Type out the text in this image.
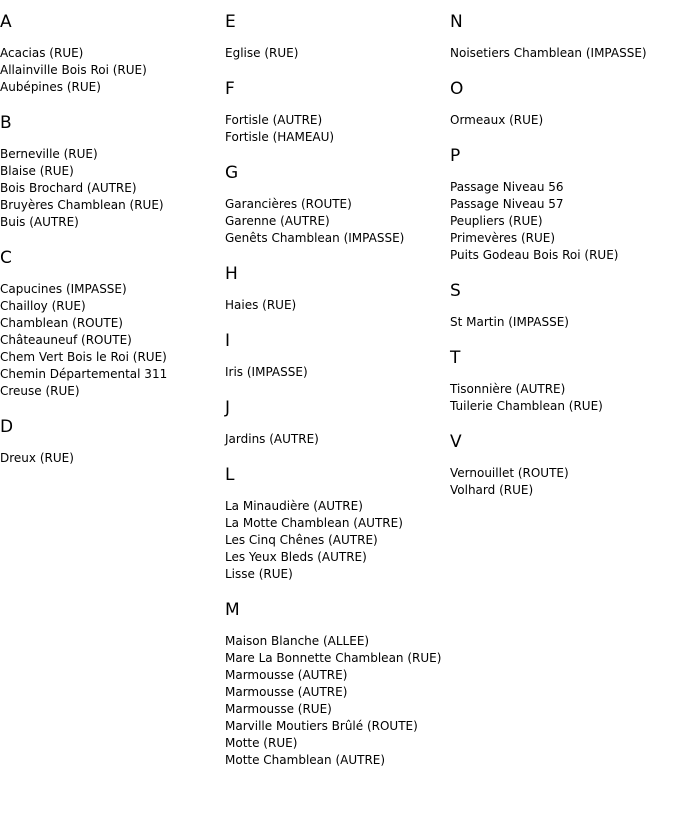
A
Acacias (RUE)
Allainville Bois Roi (RUE)
Aubépines (RUE)
B
Berneville (RUE)
Blaise (RUE)
Bois Brochard (AUTRE)
Bruyères Chamblean (RUE)
Buis (AUTRE)
C
Capucines (IMPASSE)
Chailloy (RUE)
Chamblean (ROUTE)
Châteauneuf (ROUTE)
Chem Vert Bois le Roi (RUE)
Chemin Départemental 311
Creuse (RUE)
D
Dreux (RUE)
E
Eglise (RUE)
F
Fortisle (AUTRE)
Fortisle (HAMEAU)
G
Garancières (ROUTE)
Garenne (AUTRE)
Genêts Chamblean (IMPASSE)
H
Haies (RUE)
I
Iris (IMPASSE)
J
Jardins (AUTRE)
L
La Minaudière (AUTRE)
La Motte Chamblean (AUTRE)
Les Cinq Chênes (AUTRE)
Les Yeux Bleds (AUTRE)
Lisse (RUE)
M
Maison Blanche (ALLEE)
Mare La Bonnette Chamblean (RUE)
Marmousse (AUTRE)
Marmousse (AUTRE)
Marmousse (RUE)
Marville Moutiers Brûlé (ROUTE)
Motte (RUE)
Motte Chamblean (AUTRE)
N
Noisetiers Chamblean (IMPASSE)
O
Ormeaux (RUE)
P
Passage Niveau 56
Passage Niveau 57
Peupliers (RUE)
Primevères (RUE)
Puits Godeau Bois Roi (RUE)
S
St Martin (IMPASSE)
T
Tisonnière (AUTRE)
Tuilerie Chamblean (RUE)
V
Vernouillet (ROUTE)
Volhard (RUE)
